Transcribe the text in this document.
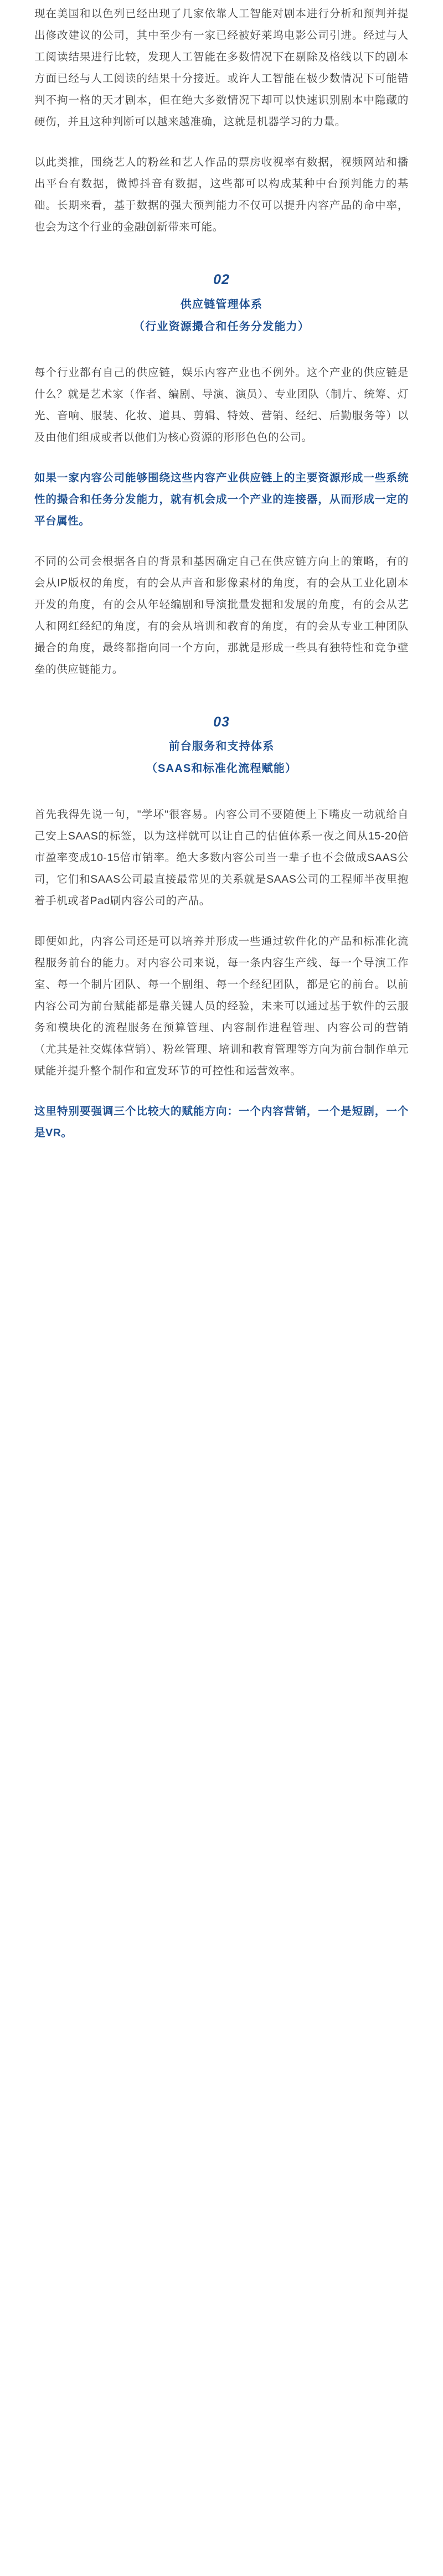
现在美国和以色列已经出现了几家依靠人工智能对剧本进行分析和预判并提出修改建议的公司，其中至少有一家已经被好莱坞电影公司引进。经过与人工阅读结果进行比较，发现人工智能在多数情况下在剔除及格线以下的剧本方面已经与人工阅读的结果十分接近。或许人工智能在极少数情况下可能错判不拘一格的天才剧本，但在绝大多数情况下却可以快速识别剧本中隐藏的硬伤，并且这种判断可以越来越准确，这就是机器学习的力量。

以此类推，围绕艺人的粉丝和艺人作品的票房收视率有数据，视频网站和播出平台有数据，微博抖音有数据，这些都可以构成某种中台预判能力的基础。长期来看，基于数据的强大预判能力不仅可以提升内容产品的命中率，也会为这个行业的金融创新带来可能。

02
供应链管理体系
（行业资源撮合和任务分发能力）

每个行业都有自己的供应链，娱乐内容产业也不例外。这个产业的供应链是什么？就是艺术家（作者、编剧、导演、演员）、专业团队（制片、统筹、灯光、音响、服装、化妆、道具、剪辑、特效、营销、经纪、后勤服务等）以及由他们组成或者以他们为核心资源的形形色色的公司。

如果一家内容公司能够围绕这些内容产业供应链上的主要资源形成一些系统性的撮合和任务分发能力，就有机会成一个产业的连接器，从而形成一定的平台属性。

不同的公司会根据各自的背景和基因确定自己在供应链方向上的策略，有的会从IP版权的角度，有的会从声音和影像素材的角度，有的会从工业化剧本开发的角度，有的会从年轻编剧和导演批量发掘和发展的角度，有的会从艺人和网红经纪的角度，有的会从培训和教育的角度，有的会从专业工种团队撮合的角度，最终都指向同一个方向，那就是形成一些具有独特性和竞争壁垒的供应链能力。

03
前台服务和支持体系
（SAAS和标准化流程赋能）

首先我得先说一句，"学坏"很容易。内容公司不要随便上下嘴皮一动就给自己安上SAAS的标签，以为这样就可以让自己的估值体系一夜之间从15-20倍市盈率变成10-15倍市销率。绝大多数内容公司当一辈子也不会做成SAAS公司，它们和SAAS公司最直接最常见的关系就是SAAS公司的工程师半夜里抱着手机或者Pad刷内容公司的产品。

即便如此，内容公司还是可以培养并形成一些通过软件化的产品和标准化流程服务前台的能力。对内容公司来说，每一条内容生产线、每一个导演工作室、每一个制片团队、每一个剧组、每一个经纪团队，都是它的前台。以前内容公司为前台赋能都是靠关键人员的经验，未来可以通过基于软件的云服务和模块化的流程服务在预算管理、内容制作进程管理、内容公司的营销（尤其是社交媒体营销）、粉丝管理、培训和教育管理等方向为前台制作单元赋能并提升整个制作和宣发环节的可控性和运营效率。

这里特别要强调三个比较大的赋能方向：一个内容营销，一个是短剧，一个是VR。
